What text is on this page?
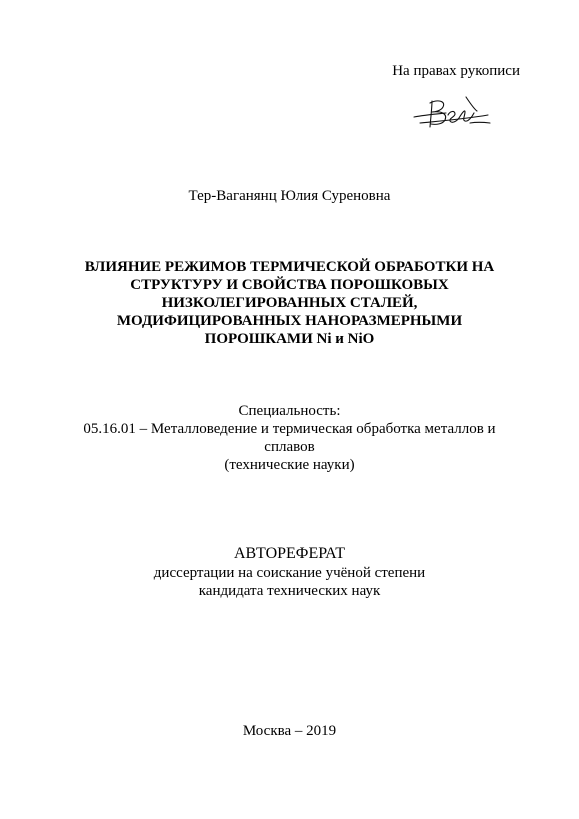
На правах рукописи
Тер-Ваганянц Юлия Суреновна
ВЛИЯНИЕ РЕЖИМОВ ТЕРМИЧЕСКОЙ ОБРАБОТКИ НА
СТРУКТУРУ И СВОЙСТВА ПОРОШКОВЫХ
НИЗКОЛЕГИРОВАННЫХ СТАЛЕЙ,
МОДИФИЦИРОВАННЫХ НАНОРАЗМЕРНЫМИ
ПОРОШКАМИ Ni и NiO
Специальность:
05.16.01 – Металловедение и термическая обработка металлов и
сплавов
(технические науки)
АВТОРЕФЕРАТ
диссертации на соискание учёной степени
кандидата технических наук
Москва – 2019
